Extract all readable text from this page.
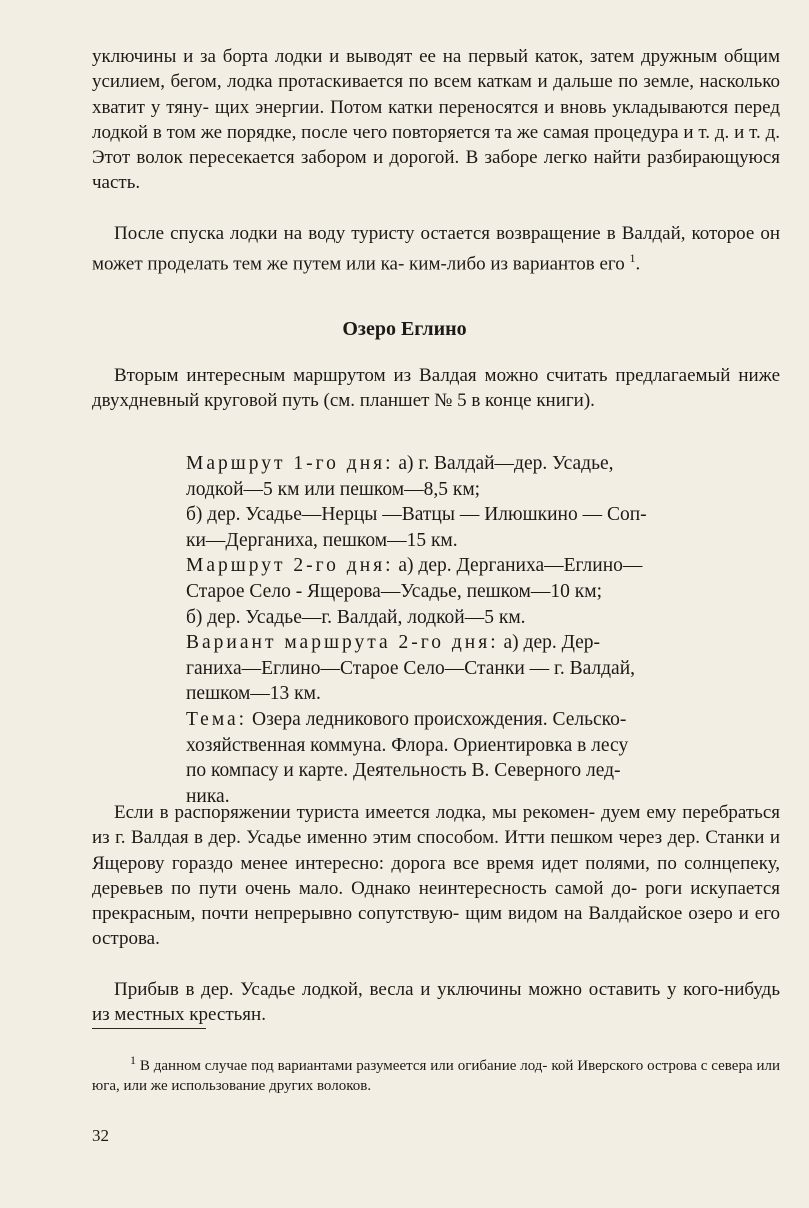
уключины и за борта лодки и выводят ее на первый каток, затем дружным общим усилием, бегом, лодка протаскивается по всем каткам и дальше по земле, насколько хватит у тяну- щих энергии. Потом катки переносятся и вновь укладываются перед лодкой в том же порядке, после чего повторяется та же самая процедура и т. д. и т. д. Этот волок пересекается забором и дорогой. В заборе легко найти разбирающуюся часть.

После спуска лодки на воду туристу остается возвращение в Валдай, которое он может проделать тем же путем или ка- ким-либо из вариантов его $^1$.

Озеро Еглино

Вторым интересным маршрутом из Валдая можно считать предлагаемый ниже двухдневный круговой путь (см. планшет № 5 в конце книги).

Маршрут 1-го дня: а) г. Валдай—дер. Усадье,
лодкой—5 км или пешком—8,5 км;
б) дер. Усадье—Нерцы —Ватцы — Илюшкино — Соп-
ки—Дерганиха, пешком—15 км.
Маршрут 2-го дня: а) дер. Дерганиха—Еглино—
Старое Село - Ящерова—Усадье, пешком—10 км;
б) дер. Усадье—г. Валдай, лодкой—5 км.
Вариант маршрута 2-го дня: а) дер. Дер-
ганиха—Еглино—Старое Село—Станки — г. Валдай,
пешком—13 км.
Тема: Озера ледникового происхождения. Сельско-
хозяйственная коммуна. Флора. Ориентировка в лесу
по компасу и карте. Деятельность В. Северного лед-
ника.

Если в распоряжении туриста имеется лодка, мы рекомен- дуем ему перебраться из г. Валдая в дер. Усадье именно этим способом. Итти пешком через дер. Станки и Ящерову гораздо менее интересно: дорога все время идет полями, по солнцепеку, деревьев по пути очень мало. Однако неинтересность самой до- роги искупается прекрасным, почти непрерывно сопутствую- щим видом на Валдайское озеро и его острова.

Прибыв в дер. Усадье лодкой, весла и уключины можно оставить у кого-нибудь из местных крестьян.

$^1$ В данном случае под вариантами разумеется или огибание лод- кой Иверского острова с севера или юга, или же использование других волоков.

32
